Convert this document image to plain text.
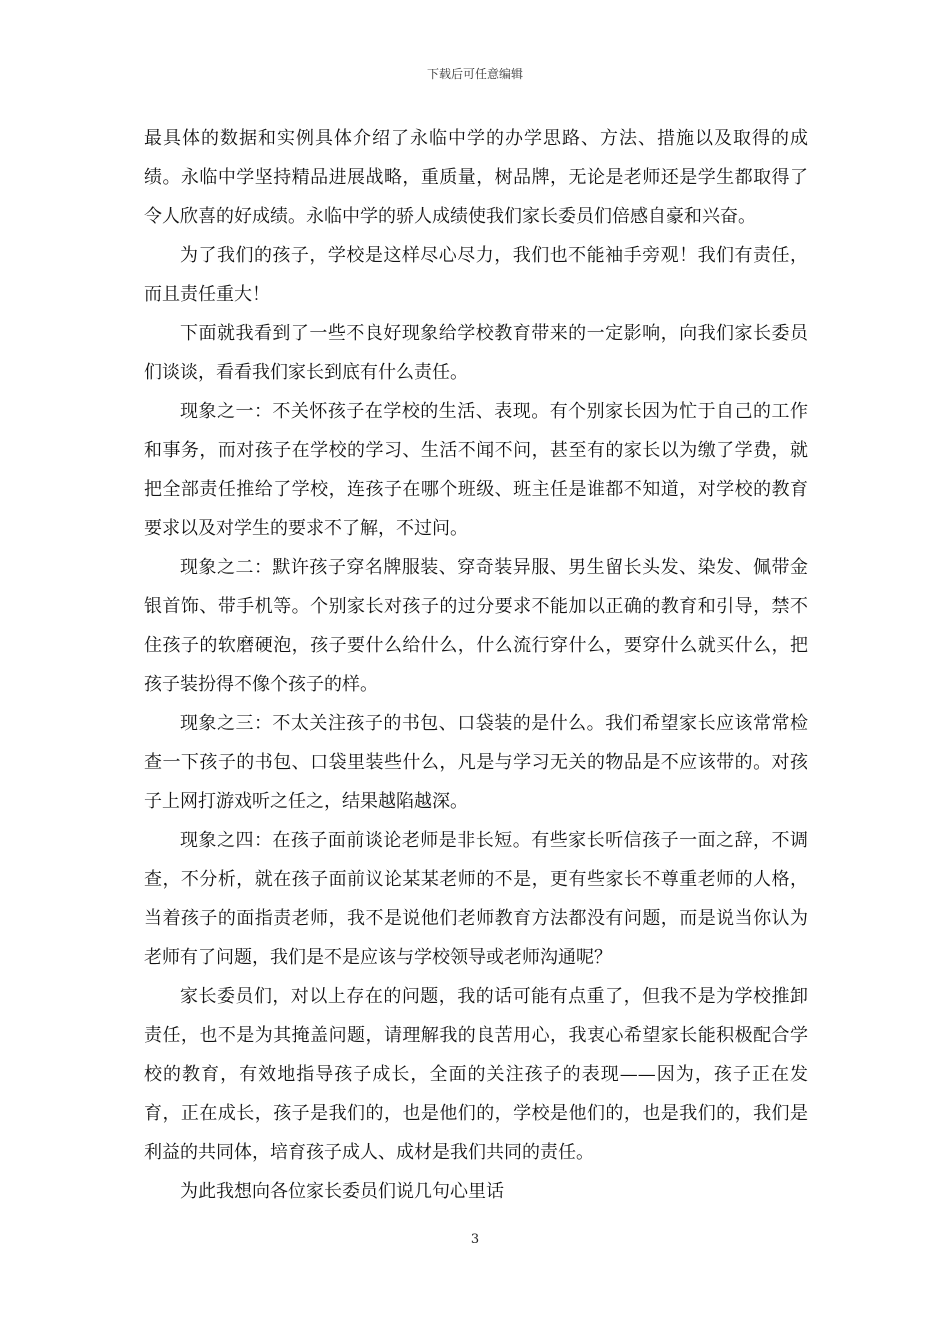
下载后可任意编辑

最具体的数据和实例具体介绍了永临中学的办学思路、方法、措施以及取得的成绩。永临中学坚持精品进展战略，重质量，树品牌，无论是老师还是学生都取得了令人欣喜的好成绩。永临中学的骄人成绩使我们家长委员们倍感自豪和兴奋。

为了我们的孩子，学校是这样尽心尽力，我们也不能袖手旁观！我们有责任，而且责任重大！

下面就我看到了一些不良好现象给学校教育带来的一定影响，向我们家长委员们谈谈，看看我们家长到底有什么责任。

现象之一：不关怀孩子在学校的生活、表现。有个别家长因为忙于自己的工作和事务，而对孩子在学校的学习、生活不闻不问，甚至有的家长以为缴了学费，就把全部责任推给了学校，连孩子在哪个班级、班主任是谁都不知道，对学校的教育要求以及对学生的要求不了解，不过问。

现象之二：默许孩子穿名牌服装、穿奇装异服、男生留长头发、染发、佩带金银首饰、带手机等。个别家长对孩子的过分要求不能加以正确的教育和引导，禁不住孩子的软磨硬泡，孩子要什么给什么，什么流行穿什么，要穿什么就买什么，把孩子装扮得不像个孩子的样。

现象之三：不太关注孩子的书包、口袋装的是什么。我们希望家长应该常常检查一下孩子的书包、口袋里装些什么，凡是与学习无关的物品是不应该带的。对孩子上网打游戏听之任之，结果越陷越深。

现象之四：在孩子面前谈论老师是非长短。有些家长听信孩子一面之辞，不调查，不分析，就在孩子面前议论某某老师的不是，更有些家长不尊重老师的人格，当着孩子的面指责老师，我不是说他们老师教育方法都没有问题，而是说当你认为老师有了问题，我们是不是应该与学校领导或老师沟通呢？

家长委员们，对以上存在的问题，我的话可能有点重了，但我不是为学校推卸责任，也不是为其掩盖问题，请理解我的良苦用心，我衷心希望家长能积极配合学校的教育，有效地指导孩子成长，全面的关注孩子的表现——因为，孩子正在发育，正在成长，孩子是我们的，也是他们的，学校是他们的，也是我们的，我们是利益的共同体，培育孩子成人、成材是我们共同的责任。

为此我想向各位家长委员们说几句心里话

3
